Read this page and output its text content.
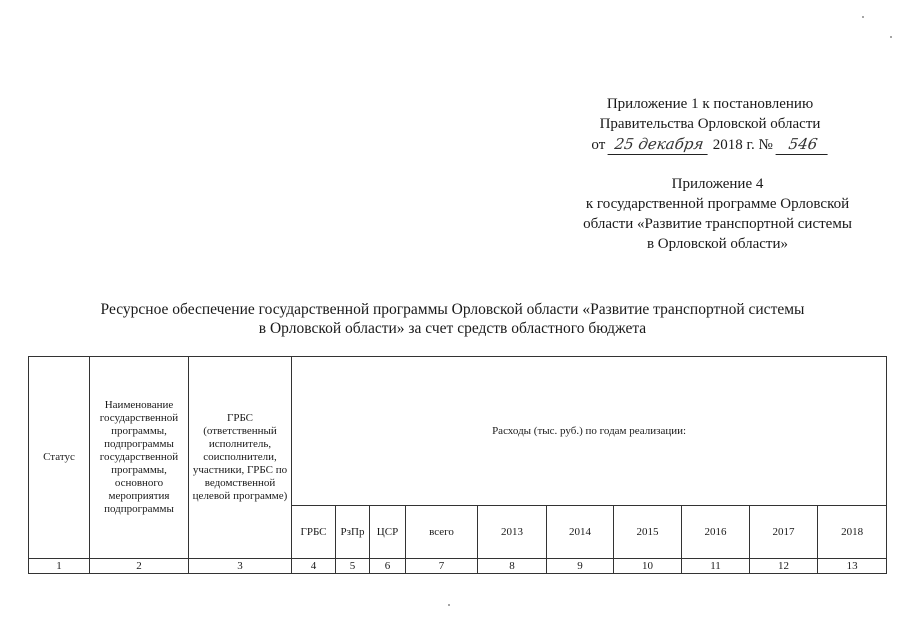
Приложение 1 к постановлению
Правительства Орловской области
от 25 декабря 2018 г. № 546
Приложение 4
к государственной программе Орловской
области «Развитие транспортной системы
в Орловской области»
Ресурсное обеспечение государственной программы Орловской области «Развитие транспортной системы
в Орловской области» за счет средств областного бюджета
Статус	Наименование государственной программы, подпрограммы государственной программы, основного мероприятия подпрограммы	ГРБС (ответственный исполнитель, соисполнители, участники, ГРБС по ведомственной целевой программе)	Расходы (тыс. руб.) по годам реализации:									
			ГРБС	РзПр	ЦСР	всего	2013	2014	2015	2016	2017	2018
1	2	3	4	5	6	7	8	9	10	11	12	13
